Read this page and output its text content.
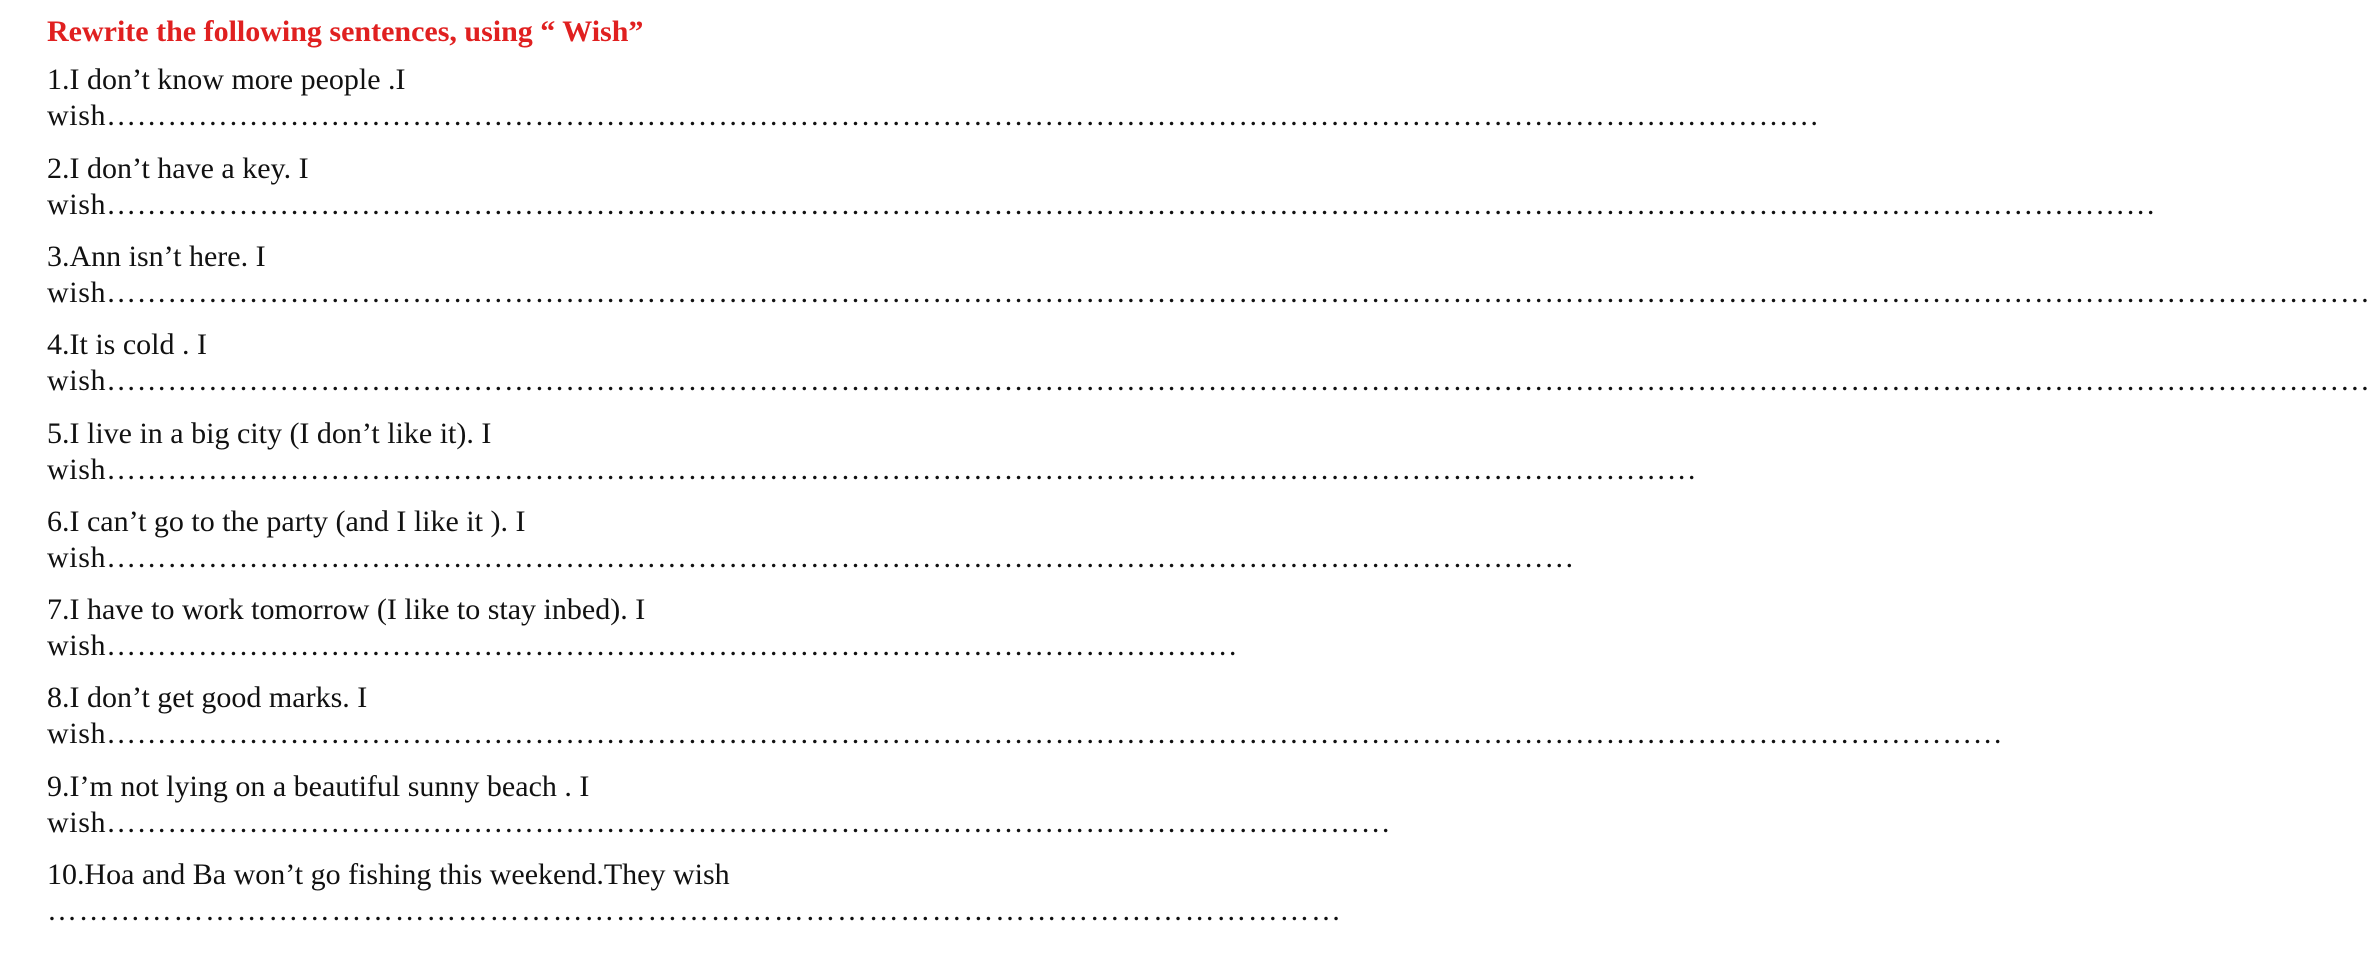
Rewrite the following sentences, using “ Wish”
1.I don’t know more people .I
wish……………………………………………………………………………………………………………………………………………………
2.I don’t have a key. I
wish…………………………………………………………………………………………………………………………………………………………………………………
3.Ann isn’t here. I
wish……………………………………………………………………………………………………………………………………………………………………………………………………
4.It is cold . I
wish……………………………………………………………………………………………………………………………………………………………………………………………………
5.I live in a big city (I don’t like it). I
wish…………………………………………………………………………………………………………………………………………
6.I can’t go to the party (and I like it ). I
wish………………………………………………………………………………………………………………………………
7.I have to work tomorrow (I like to stay inbed). I
wish…………………………………………………………………………………………………
8.I don’t get good marks. I
wish……………………………………………………………………………………………………………………………………………………………………
9.I’m not lying on a beautiful sunny beach . I
wish………………………………………………………………………………………………………………
10.Hoa and Ba won’t go fishing this weekend.They wish
……………………………………………………………………………………………………………
